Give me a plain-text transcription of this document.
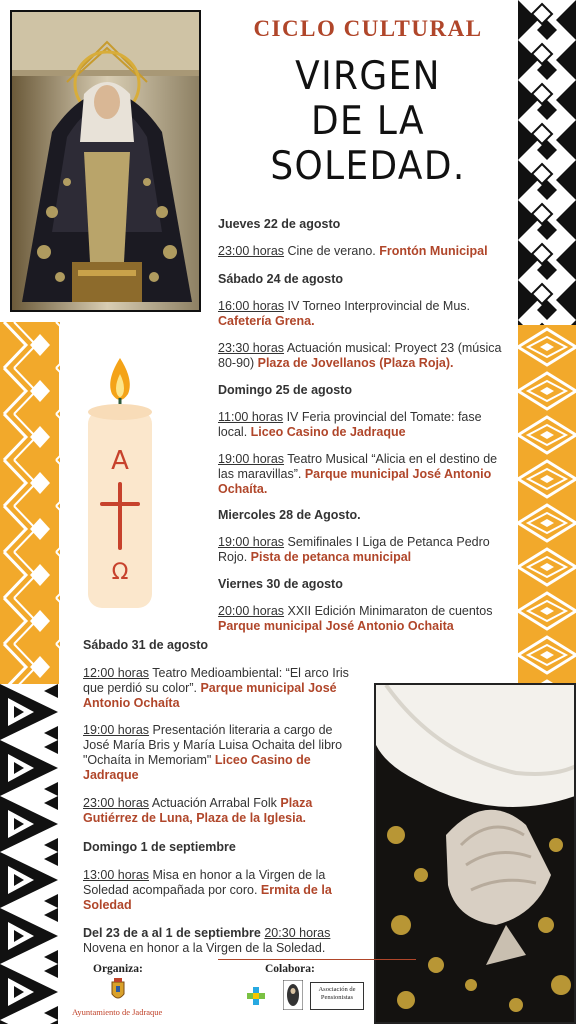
A
Ω
CICLO CULTURAL
VIRGEN
DE LA
SOLEDAD.
Jueves 22 de agosto
23:00 horas Cine de verano. Frontón Municipal
Sábado 24 de agosto
16:00 horas IV Torneo Interprovincial de Mus. Cafetería Grena.
23:30 horas Actuación musical: Proyect 23 (música 80-90) Plaza de Jovellanos (Plaza Roja).
Domingo 25 de agosto
11:00 horas IV Feria provincial del Tomate: fase local. Liceo Casino de Jadraque
19:00 horas Teatro Musical “Alicia en el destino de las maravillas”. Parque municipal José Antonio Ochaíta.
Miercoles 28 de Agosto.
19:00 horas Semifinales I Liga de Petanca Pedro Rojo. Pista de petanca municipal
Viernes 30 de agosto
20:00 horas XXII Edición Minimaraton de cuentos Parque municipal José Antonio Ochaita
Sábado 31 de agosto
12:00 horas Teatro Medioambiental: “El arco Iris que perdió su color”. Parque municipal José Antonio Ochaíta
19:00 horas Presentación literaria a cargo de José María Bris y María Luisa Ochaita del libro "Ochaíta in Memoriam" Liceo Casino de Jadraque
23:00 horas Actuación Arrabal Folk Plaza Gutiérrez de Luna, Plaza de la Iglesia.
Domingo 1 de septiembre
13:00 horas Misa en honor a la Virgen de la Soledad acompañada por coro. Ermita de la Soledad
Del 23 de a al 1 de septiembre 20:30 horas
Novena en honor a la Virgen de la Soledad.
Organiza:
Ayuntamiento de Jadraque
Colabora:
Asociación de Pensionistas
